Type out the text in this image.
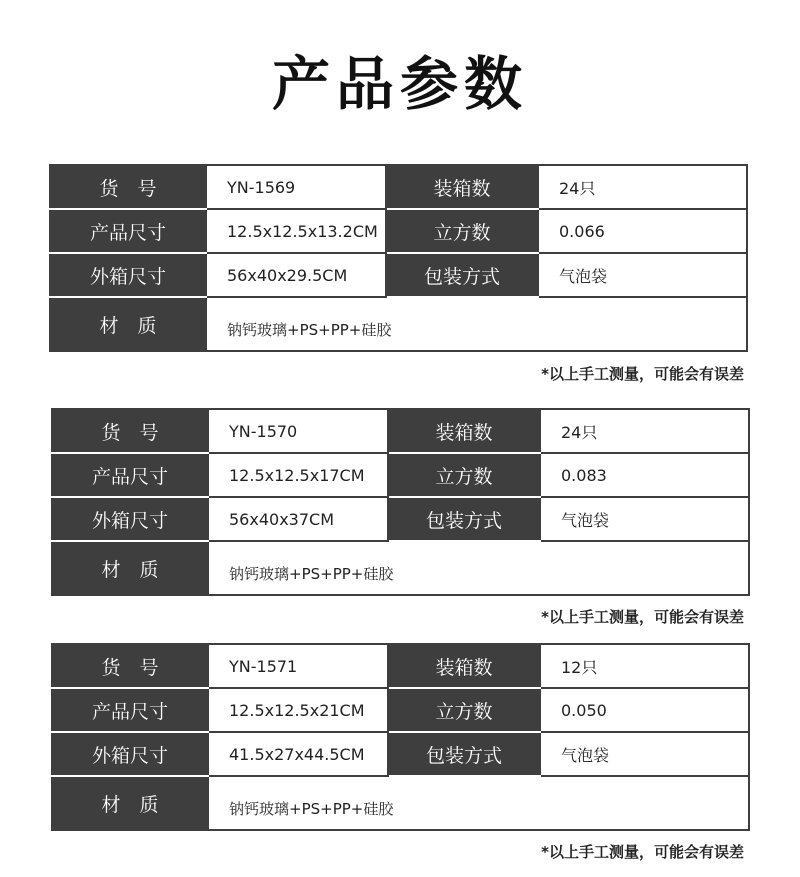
产品参数
货　号	YN-1569	装箱数	24只
产品尺寸	12.5x12.5x13.2CM	立方数	0.066
外箱尺寸	56x40x29.5CM	包装方式	气泡袋
材　质	钠钙玻璃+PS+PP+硅胶		
*以上手工测量，可能会有误差
货　号	YN-1570	装箱数	24只
产品尺寸	12.5x12.5x17CM	立方数	0.083
外箱尺寸	56x40x37CM	包装方式	气泡袋
材　质	钠钙玻璃+PS+PP+硅胶		
*以上手工测量，可能会有误差
货　号	YN-1571	装箱数	12只
产品尺寸	12.5x12.5x21CM	立方数	0.050
外箱尺寸	41.5x27x44.5CM	包装方式	气泡袋
材　质	钠钙玻璃+PS+PP+硅胶		
*以上手工测量，可能会有误差
